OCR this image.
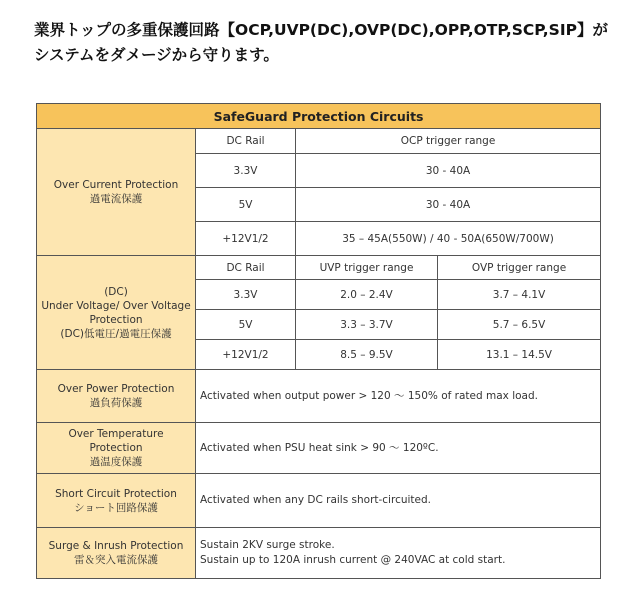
業界トップの多重保護回路【OCP,UVP(DC),OVP(DC),OPP,OTP,SCP,SIP】が
システムをダメージから守ります。
SafeGuard Protection Circuits			

Over Current Protection
過電流保護	DC Rail	OCP trigger range	
	3.3V	30 - 40A	
	5V	30 - 40A	
	+12V1/2	35 – 45A(550W) / 40 - 50A(650W/700W)	

(DC)
Under Voltage/ Over Voltage
Protection
(DC)低電圧/過電圧保護	DC Rail	UVP trigger range	OVP trigger range
	3.3V	2.0 – 2.4V	3.7 – 4.1V
	5V	3.3 – 3.7V	5.7 – 6.5V
	+12V1/2	8.5 – 9.5V	13.1 – 14.5V

Over Power Protection
過負荷保護	Activated when output power > 120 ～ 150% of rated max load.		

Over Temperature Protection
過温度保護	Activated when PSU heat sink > 90 ～ 120ºC.		

Short Circuit Protection
ショート回路保護	Activated when any DC rails short-circuited.		

Surge & Inrush Protection
雷＆突入電流保護	Sustain 2KV surge stroke.
Sustain up to 120A inrush current @ 240VAC at cold start.		
